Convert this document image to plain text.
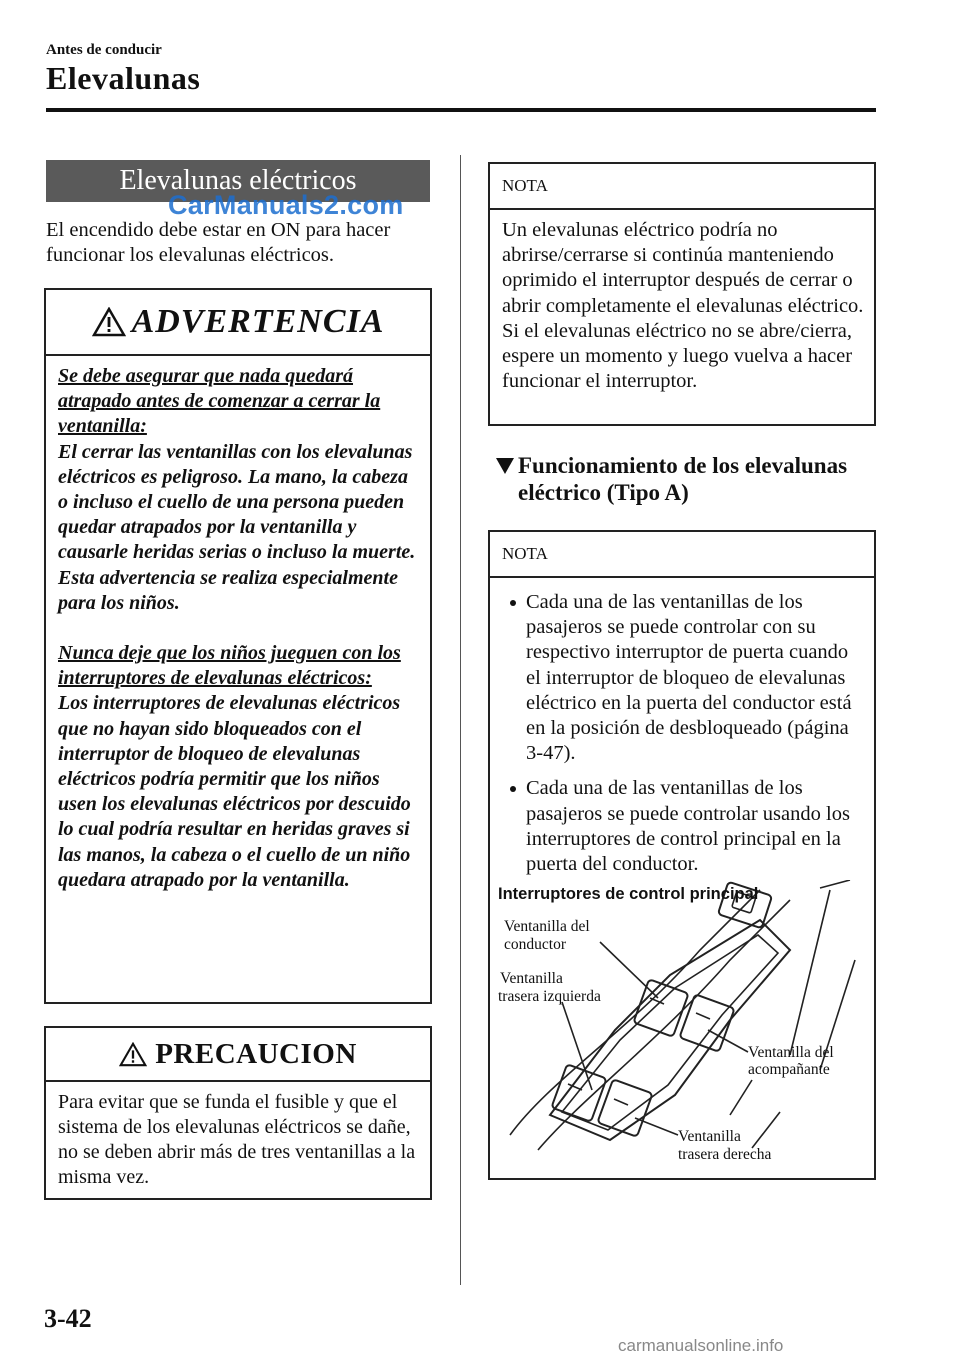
Antes de conducir
Elevalunas
Elevalunas eléctricos
El encendido debe estar en ON para hacer funcionar los elevalunas eléctricos.
CarManuals2.com
ADVERTENCIA
Se debe asegurar que nada quedará atrapado antes de comenzar a cerrar la ventanilla:
El cerrar las ventanillas con los elevalunas eléctricos es peligroso. La mano, la cabeza o incluso el cuello de una persona pueden quedar atrapados por la ventanilla y causarle heridas serias o incluso la muerte. Esta advertencia se realiza especialmente para los niños.
Nunca deje que los niños jueguen con los interruptores de elevalunas eléctricos:
Los interruptores de elevalunas eléctricos que no hayan sido bloqueados con el interruptor de bloqueo de elevalunas eléctricos podría permitir que los niños usen los elevalunas eléctricos por descuido lo cual podría resultar en heridas graves si las manos, la cabeza o el cuello de un niño quedara atrapado por la ventanilla.
PRECAUCION
Para evitar que se funda el fusible y que el sistema de los elevalunas eléctricos se dañe, no se deben abrir más de tres ventanillas a la misma vez.
NOTA
Un elevalunas eléctrico podría no abrirse/cerrarse si continúa manteniendo oprimido el interruptor después de cerrar o abrir completamente el elevalunas eléctrico. Si el elevalunas eléctrico no se abre/cierra, espere un momento y luego vuelva a hacer funcionar el interruptor.
Funcionamiento de los elevalunas eléctrico (Tipo A)
NOTA
Cada una de las ventanillas de los pasajeros se puede controlar con su respectivo interruptor de puerta cuando el interruptor de bloqueo de elevalunas eléctrico en la puerta del conductor está en la posición de desbloqueado (página 3-47).
Cada una de las ventanillas de los pasajeros se puede controlar usando los interruptores de control principal en la puerta del conductor.
Interruptores de control principal
Ventanilla del
conductor
Ventanilla
trasera izquierda
Ventanilla del
acompañante
Ventanilla
trasera derecha
3-42
carmanualsonline.info
